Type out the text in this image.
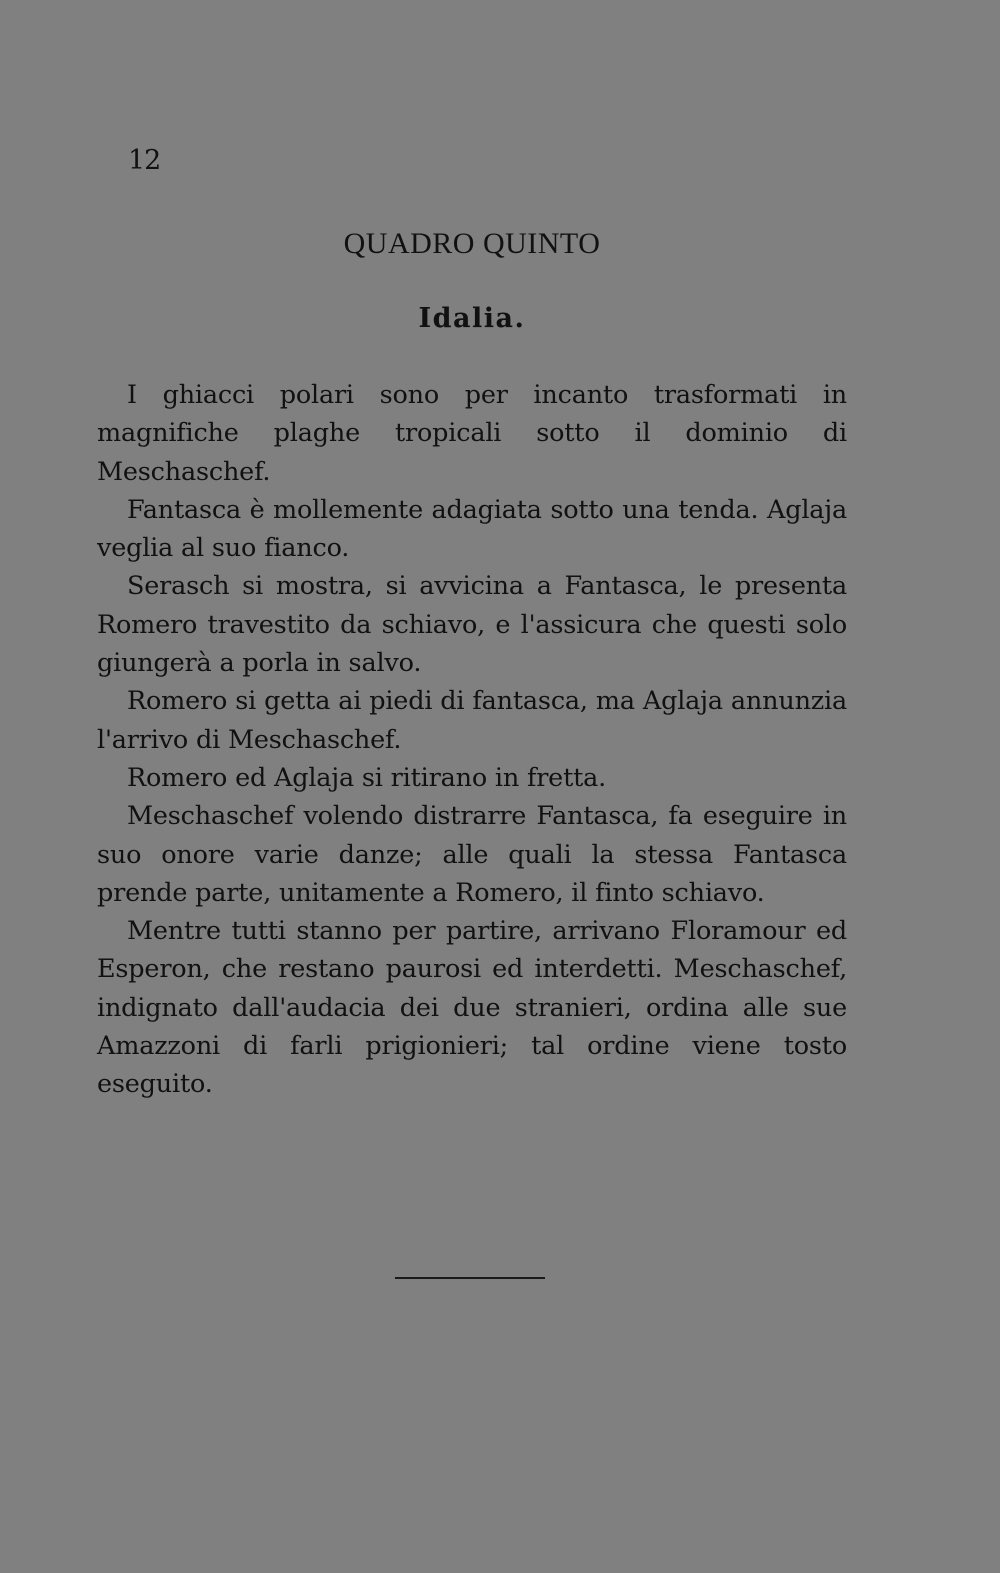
12
QUADRO QUINTO
Idalia.

I ghiacci polari sono per incanto trasformati in magnifiche plaghe tropicali sotto il dominio di Meschaschef.

Fantasca è mollemente adagiata sotto una tenda. Aglaja veglia al suo fianco.

Serasch si mostra, si avvicina a Fantasca, le presenta Romero travestito da schiavo, e l'assicura che questi solo giungerà a porla in salvo.

Romero si getta ai piedi di fantasca, ma Aglaja annunzia l'arrivo di Meschaschef.

Romero ed Aglaja si ritirano in fretta.

Meschaschef volendo distrarre Fantasca, fa eseguire in suo onore varie danze; alle quali la stessa Fantasca prende parte, unitamente a Romero, il finto schiavo.

Mentre tutti stanno per partire, arrivano Floramour ed Esperon, che restano paurosi ed interdetti. Meschaschef, indignato dall'audacia dei due stranieri, ordina alle sue Amazzoni di farli prigionieri; tal ordine viene tosto eseguito.
